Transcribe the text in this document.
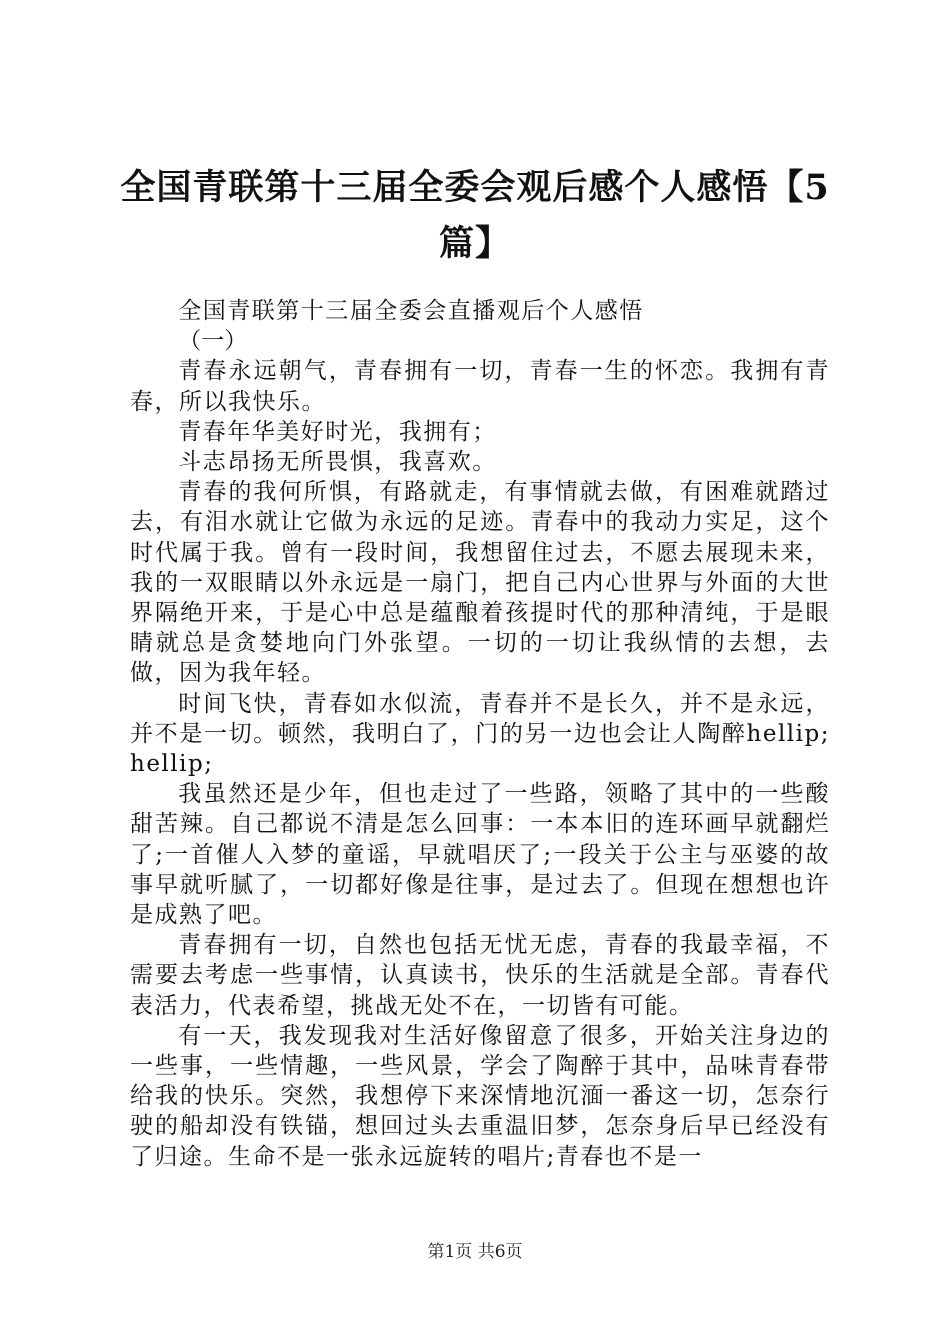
全国青联第十三届全委会观后感个人感悟【5篇】

全国青联第十三届全委会直播观后个人感悟

（一）

青春永远朝气，青春拥有一切，青春一生的怀恋。我拥有青春，所以我快乐。

青春年华美好时光，我拥有；

斗志昂扬无所畏惧，我喜欢。

青春的我何所惧，有路就走，有事情就去做，有困难就踏过去，有泪水就让它做为永远的足迹。青春中的我动力实足，这个时代属于我。曾有一段时间，我想留住过去，不愿去展现未来，我的一双眼睛以外永远是一扇门，把自己内心世界与外面的大世界隔绝开来，于是心中总是蕴酿着孩提时代的那种清纯，于是眼睛就总是贪婪地向门外张望。一切的一切让我纵情的去想，去做，因为我年轻。

时间飞快，青春如水似流，青春并不是长久，并不是永远，并不是一切。顿然，我明白了，门的另一边也会让人陶醉hellip;hellip;

我虽然还是少年，但也走过了一些路，领略了其中的一些酸甜苦辣。自己都说不清是怎么回事：一本本旧的连环画早就翻烂了;一首催人入梦的童谣，早就唱厌了;一段关于公主与巫婆的故事早就听腻了，一切都好像是往事，是过去了。但现在想想也许是成熟了吧。

青春拥有一切，自然也包括无忧无虑，青春的我最幸福，不需要去考虑一些事情，认真读书，快乐的生活就是全部。青春代表活力，代表希望，挑战无处不在，一切皆有可能。

有一天，我发现我对生活好像留意了很多，开始关注身边的一些事，一些情趣，一些风景，学会了陶醉于其中，品味青春带给我的快乐。突然，我想停下来深情地沉湎一番这一切，怎奈行驶的船却没有铁锚，想回过头去重温旧梦，怎奈身后早已经没有了归途。生命不是一张永远旋转的唱片;青春也不是一

第1页 共6页
